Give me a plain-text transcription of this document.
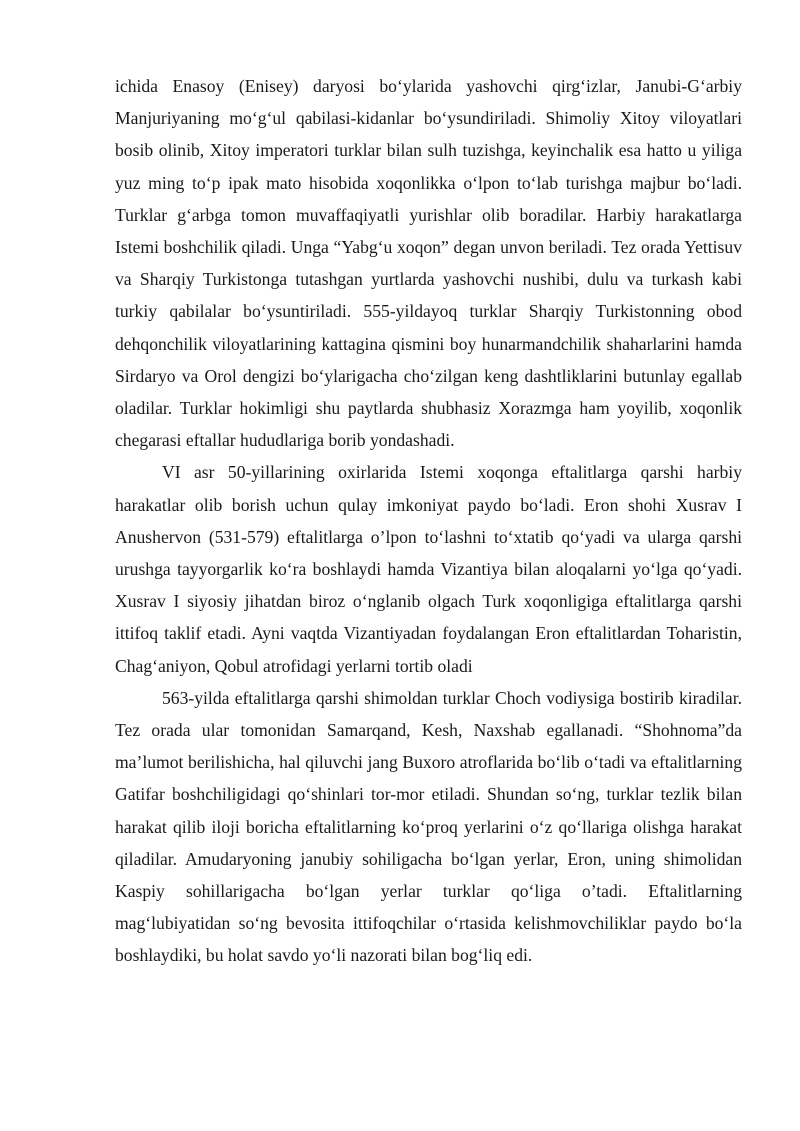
ichida Enasoy (Enisey) daryosi bo‘ylarida yashovchi qirg‘izlar, Janubi-G‘arbiy Manjuriyaning mo‘g‘ul qabilasi-kidanlar bo‘ysundiriladi. Shimoliy Xitoy viloyatlari bosib olinib, Xitoy imperatori turklar bilan sulh tuzishga, keyinchalik esa hatto u yiliga yuz ming to‘p ipak mato hisobida xoqonlikka o‘lpon to‘lab turishga majbur bo‘ladi. Turklar g‘arbga tomon muvaffaqiyatli yurishlar olib boradilar. Harbiy harakatlarga Istemi boshchilik qiladi. Unga “Yabg‘u xoqon” degan unvon beriladi. Tez orada Yettisuv va Sharqiy Turkistonga tutashgan yurtlarda yashovchi nushibi, dulu va turkash kabi turkiy qabilalar bo‘ysuntiriladi. 555-yildayoq turklar Sharqiy Turkistonning obod dehqonchilik viloyatlarining kattagina qismini boy hunarmandchilik shaharlarini hamda Sirdaryo va Orol dengizi bo‘ylarigacha cho‘zilgan keng dashtliklarini butunlay egallab oladilar. Turklar hokimligi shu paytlarda shubhasiz Xorazmga ham yoyilib, xoqonlik chegarasi eftallar hududlariga borib yondashadi.

VI asr 50-yillarining oxirlarida Istemi xoqonga eftalitlarga qarshi harbiy harakatlar olib borish uchun qulay imkoniyat paydo bo‘ladi. Eron shohi Xusrav I Anushervon (531-579) eftalitlarga o’lpon to‘lashni to‘xtatib qo‘yadi va ularga qarshi urushga tayyorgarlik ko‘ra boshlaydi hamda Vizantiya bilan aloqalarni yo‘lga qo‘yadi. Xusrav I siyosiy jihatdan biroz o‘nglanib olgach Turk xoqonligiga eftalitlarga qarshi ittifoq taklif etadi. Ayni vaqtda Vizantiyadan foydalangan Eron eftalitlardan Toharistin, Chag‘aniyon, Qobul atrofidagi yerlarni tortib oladi

563-yilda eftalitlarga qarshi shimoldan turklar Choch vodiysiga bostirib kiradilar. Tez orada ular tomonidan Samarqand, Kesh, Naxshab egallanadi. “Shohnoma”da ma’lumot berilishicha, hal qiluvchi jang Buxoro atroflarida bo‘lib o‘tadi va eftalitlarning Gatifar boshchiligidagi qo‘shinlari tor-mor etiladi. Shundan so‘ng, turklar tezlik bilan harakat qilib iloji boricha eftalitlarning ko‘proq yerlarini o‘z qo‘llariga olishga harakat qiladilar. Amudaryoning janubiy sohiligacha bo‘lgan yerlar, Eron, uning shimolidan Kaspiy sohillarigacha bo‘lgan yerlar turklar qo‘liga o’tadi. Eftalitlarning mag‘lubiyatidan so‘ng bevosita ittifoqchilar o‘rtasida kelishmovchiliklar paydo bo‘la boshlaydiki, bu holat savdo yo‘li nazorati bilan bog‘liq edi.
